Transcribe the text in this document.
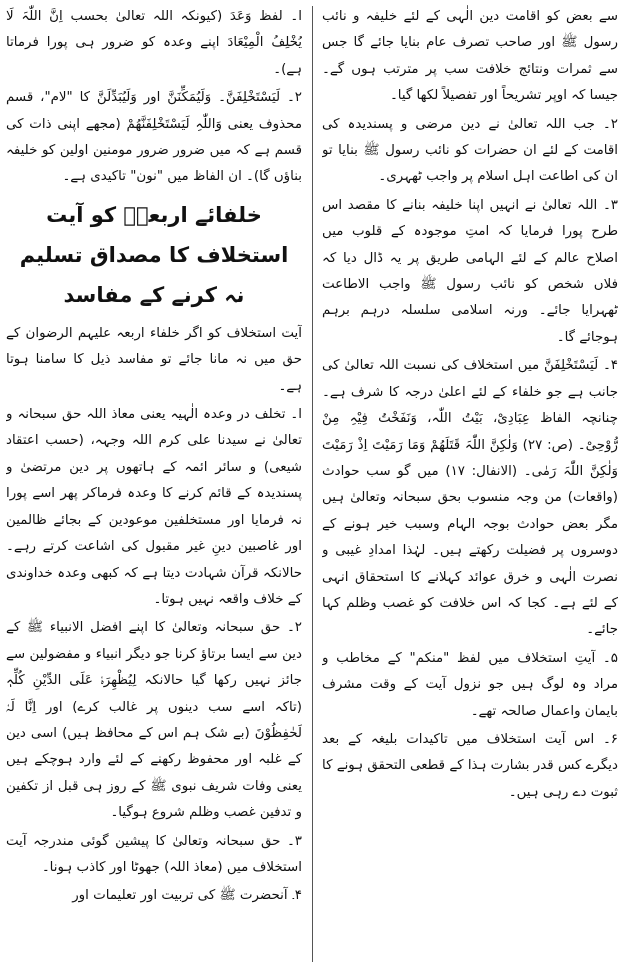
سے بعض کو اقامت دین الٰہی کے لئے خلیفہ و نائب رسول ﷺ اور صاحب تصرف عام بنایا جائے گا جس سے ثمرات ونتائج خلافت سب پر مترتب ہوں گے۔ جیسا کہ اوپر تشریحاً اور تفصیلاً لکھا گیا۔

۲۔ جب اللہ تعالیٰ نے دین مرضی و پسندیدہ کی اقامت کے لئے ان حضرات کو نائب رسول ﷺ بنایا تو ان کی اطاعت اہل اسلام پر واجب ٹھہری۔

۳۔ اللہ تعالیٰ نے انہیں اپنا خلیفہ بنانے کا مقصد اس طرح پورا فرمایا کہ امتِ موجودہ کے قلوب میں اصلاح عالم کے لئے الہامی طریق پر یہ ڈال دیا کہ فلاں شخص کو نائب رسول ﷺ واجب الاطاعت ٹھہرایا جائے۔ ورنہ اسلامی سلسلہ درہم برہم ہوجائے گا۔

۴۔ لَیَسْتَخْلِفَنَّ میں استخلاف کی نسبت اللہ تعالیٰ کی جانب ہے جو خلفاء کے لئے اعلیٰ درجہ کا شرف ہے۔ چنانچہ الفاظ عِبَادِیْ، بَیْتُ اللّٰہ، وَنَفَخْتُ فِیْہِ مِنْ رُّوْحِیْ۔ (ص: ۲۷) وَلٰکِنَّ اللّٰہَ قَتَلَھُمْ وَمَا رَمَیْتَ اِذْ رَمَیْتَ وَلٰکِنَّ اللّٰہَ رَمٰی۔ (الانفال: ۱۷) میں گو سب حوادث (واقعات) من وجہ منسوب بحق سبحانہ وتعالیٰ ہیں مگر بعض حوادث بوجہ الہام وسبب خیر ہونے کے دوسروں پر فضیلت رکھتے ہیں۔ لہٰذا امدادِ غیبی و نصرت الٰہی و خرق عوائد کہلانے کا استحقاق انہی کے لئے ہے۔ کجا کہ اس خلافت کو غصب وظلم کہا جائے۔

۵۔ آیتِ استخلاف میں لفظ "منکم" کے مخاطب و مراد وہ لوگ ہیں جو نزول آیت کے وقت مشرف بایمان واعمال صالحہ تھے۔

۶۔ اس آیت استخلاف میں تاکیدات بلیغہ کے بعد دیگرے کس قدر بشارت ہذا کے قطعی التحقق ہونے کا ثبوت دے رہی ہیں۔

ا۔ لفظ وَعَدَ (کیونکہ اللہ تعالیٰ بحسب اِنَّ اللّٰہَ لَا یُخْلِفُ الْمِیْعَادَ اپنے وعدہ کو ضرور ہی پورا فرماتا ہے)۔

۲۔ لَیَسْتَخْلِفَنَّ۔ وَلَیُمَکِّنَنَّ اور وَلَیُبَدِّلَنَّ کا "لام"، قسم محذوف یعنی وَاللّٰہِ لَیَسْتَخْلِفَنَّھُمْ (مجھے اپنی ذات کی قسم ہے کہ میں ضرور ضرور مومنین اولین کو خلیفہ بناؤں گا)۔ ان الفاظ میں "نون" تاکیدی ہے۔

خلفائے اربعہؓ کو آیت استخلاف کا مصداق تسلیم نہ کرنے کے مفاسد

آیت استخلاف کو اگر خلفاء اربعہ علیہم الرضوان کے حق میں نہ مانا جائے تو مفاسد ذیل کا سامنا ہوتا ہے۔

ا۔ تخلف در وعدہ الٰہیہ یعنی معاذ اللہ حق سبحانہ و تعالیٰ نے سیدنا علی کرم اللہ وجہہ، (حسب اعتقاد شیعی) و سائر ائمہ کے ہاتھوں پر دین مرتضیٰ و پسندیدہ کے قائم کرنے کا وعدہ فرماکر پھر اسے پورا نہ فرمایا اور مستخلفین موعودین کے بجائے ظالمین اور غاصبین دینِ غیر مقبول کی اشاعت کرتے رہے۔ حالانکہ قرآن شہادت دیتا ہے کہ کبھی وعدہ خداوندی کے خلاف واقعہ نہیں ہوتا۔

۲۔ حق سبحانہ وتعالیٰ کا اپنے افضل الانبیاء ﷺ کے دین سے ایسا برتاؤ کرنا جو دیگر انبیاء و مفضولین سے جائز نہیں رکھا گیا حالانکہ لِیُظْھِرَہٗ عَلَی الدِّیْنِ کُلِّہٖ (تاکہ اسے سب دینوں پر غالب کرے) اور اِنَّا لَہٗ لَحٰفِظُوْنَ (بے شک ہم اس کے محافظ ہیں) اسی دین کے غلبہ اور محفوظ رکھنے کے لئے وارد ہوچکے ہیں یعنی وفات شریف نبوی ﷺ کے روز ہی قبل از تکفین و تدفین غصب وظلم شروع ہوگیا۔

۳۔ حق سبحانہ وتعالیٰ کا پیشین گوئی مندرجہ آیت استخلاف میں (معاذ اللہ) جھوٹا اور کاذب ہونا۔

۴۔ آنحضرت ﷺ کی تربیت اور تعلیمات اور
